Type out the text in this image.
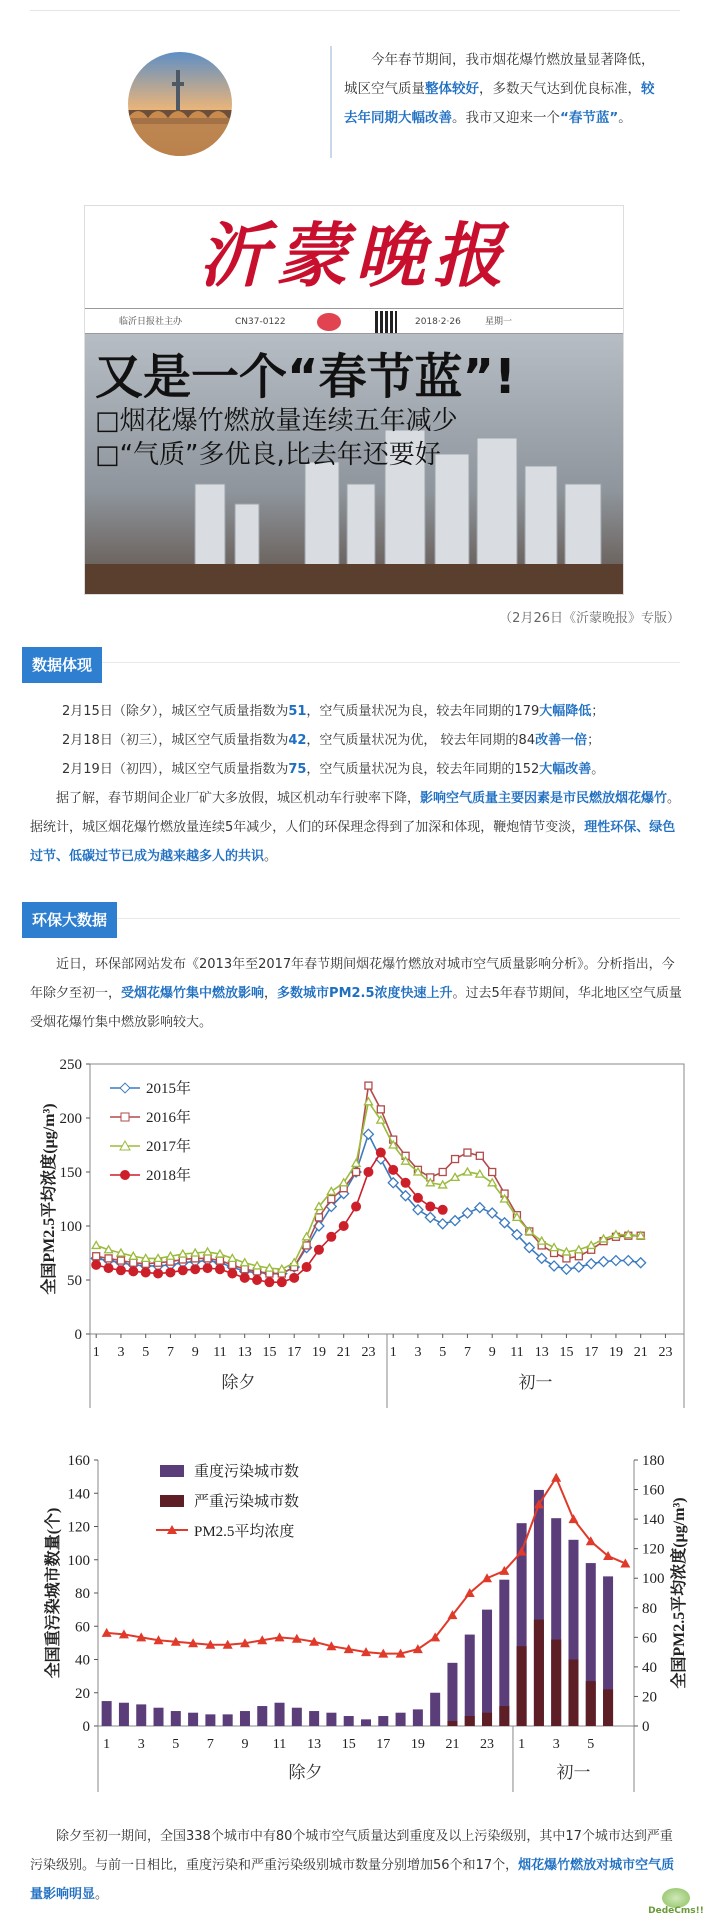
今年春节期间，我市烟花爆竹燃放量显著降低，城区空气质量整体较好，多数天气达到优良标准，较去年同期大幅改善。我市又迎来一个“春节蓝”。
沂蒙晚报
临沂日报社主办	CN37-0122	2018·2·26	星期一
又是一个“春节蓝”!
□烟花爆竹燃放量连续五年减少
□“气质”多优良,比去年还要好
（2月26日《沂蒙晚报》专版）
数据体现
2月15日（除夕），城区空气质量指数为51，空气质量状况为良，较去年同期的179大幅降低；
2月18日（初三），城区空气质量指数为42，空气质量状况为优， 较去年同期的84改善一倍；
2月19日（初四），城区空气质量指数为75，空气质量状况为良，较去年同期的152大幅改善。
据了解，春节期间企业厂矿大多放假，城区机动车行驶率下降，影响空气质量主要因素是市民燃放烟花爆竹。据统计，城区烟花爆竹燃放量连续5年减少，人们的环保理念得到了加深和体现，鞭炮情节变淡，理性环保、绿色过节、低碳过节已成为越来越多人的共识。
环保大数据
近日，环保部网站发布《2013年至2017年春节期间烟花爆竹燃放对城市空气质量影响分析》。分析指出，今年除夕至初一，受烟花爆竹集中燃放影响，多数城市PM2.5浓度快速上升。过去5年春节期间，华北地区空气质量受烟花爆竹集中燃放影响较大。
0
50
100
150
200
250
1 3 5 7 9 11 13 15 17 19 21 23 1 3 5 7 9 11 13 15 17 19 21 23
除夕	初一
全国PM2.5平均浓度(μg/m³)
2015年
2016年
2017年
2018年
0
20
40
60
80
100
120
140
160
0
20
40
60
80
100
120
140
160
180
1 3 5 7 9 11 13 15 17 19 21 23 1 3 5
除夕	初一
全国重污染城市数量(个)	全国PM2.5平均浓度(μg/m³)
重度污染城市数
严重污染城市数
PM2.5平均浓度
除夕至初一期间，全国338个城市中有80个城市空气质量达到重度及以上污染级别，其中17个城市达到严重污染级别。与前一日相比，重度污染和严重污染级别城市数量分别增加56个和17个，烟花爆竹燃放对城市空气质量影响明显。
DedeCms!!
